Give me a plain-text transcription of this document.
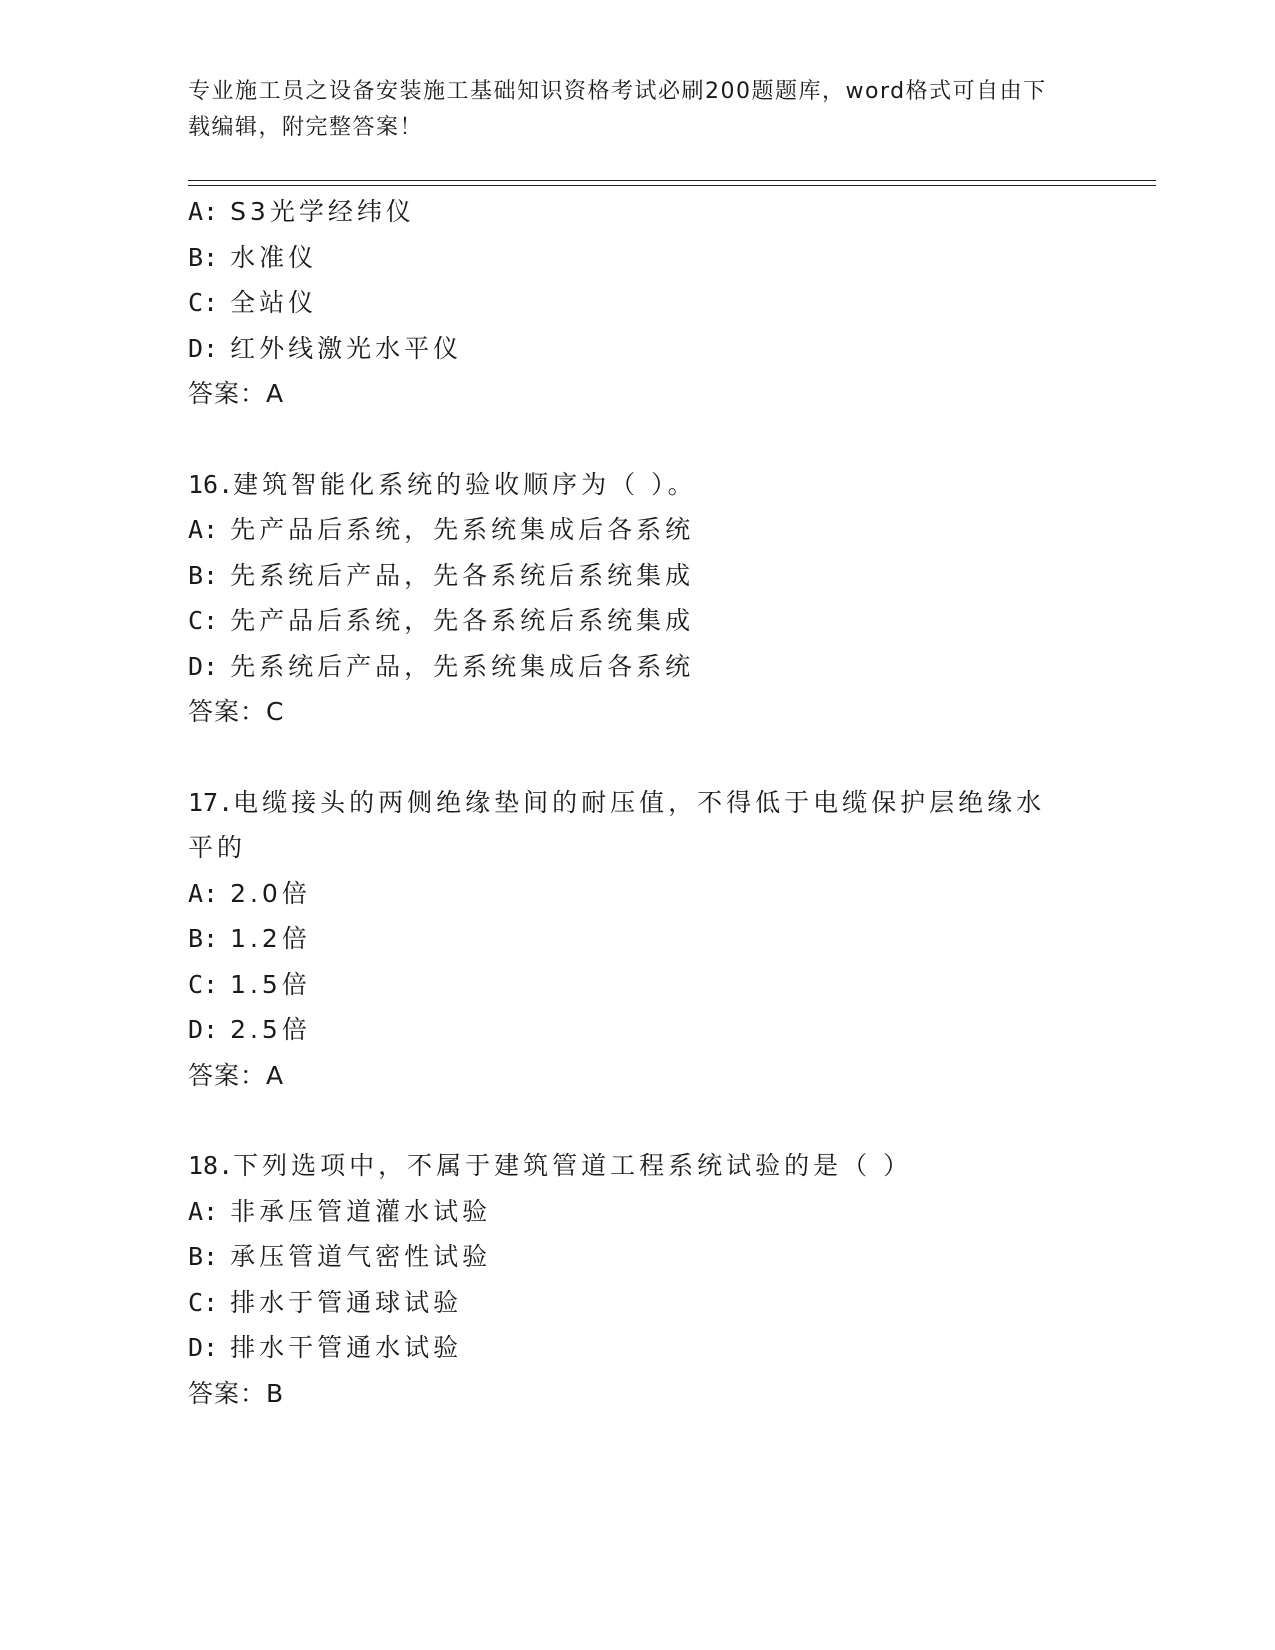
专业施工员之设备安装施工基础知识资格考试必刷200题题库，word格式可自由下载编辑，附完整答案！
A: S3光学经纬仪
B: 水准仪
C: 全站仪
D: 红外线激光水平仪
答案：A
16.建筑智能化系统的验收顺序为（ ）。
A: 先产品后系统，先系统集成后各系统
B: 先系统后产品，先各系统后系统集成
C: 先产品后系统，先各系统后系统集成
D: 先系统后产品，先系统集成后各系统
答案：C
17.电缆接头的两侧绝缘垫间的耐压值，不得低于电缆保护层绝缘水平的
A: 2.0倍
B: 1.2倍
C: 1.5倍
D: 2.5倍
答案：A
18.下列选项中，不属于建筑管道工程系统试验的是（ ）
A: 非承压管道灌水试验
B: 承压管道气密性试验
C: 排水于管通球试验
D: 排水干管通水试验
答案：B
